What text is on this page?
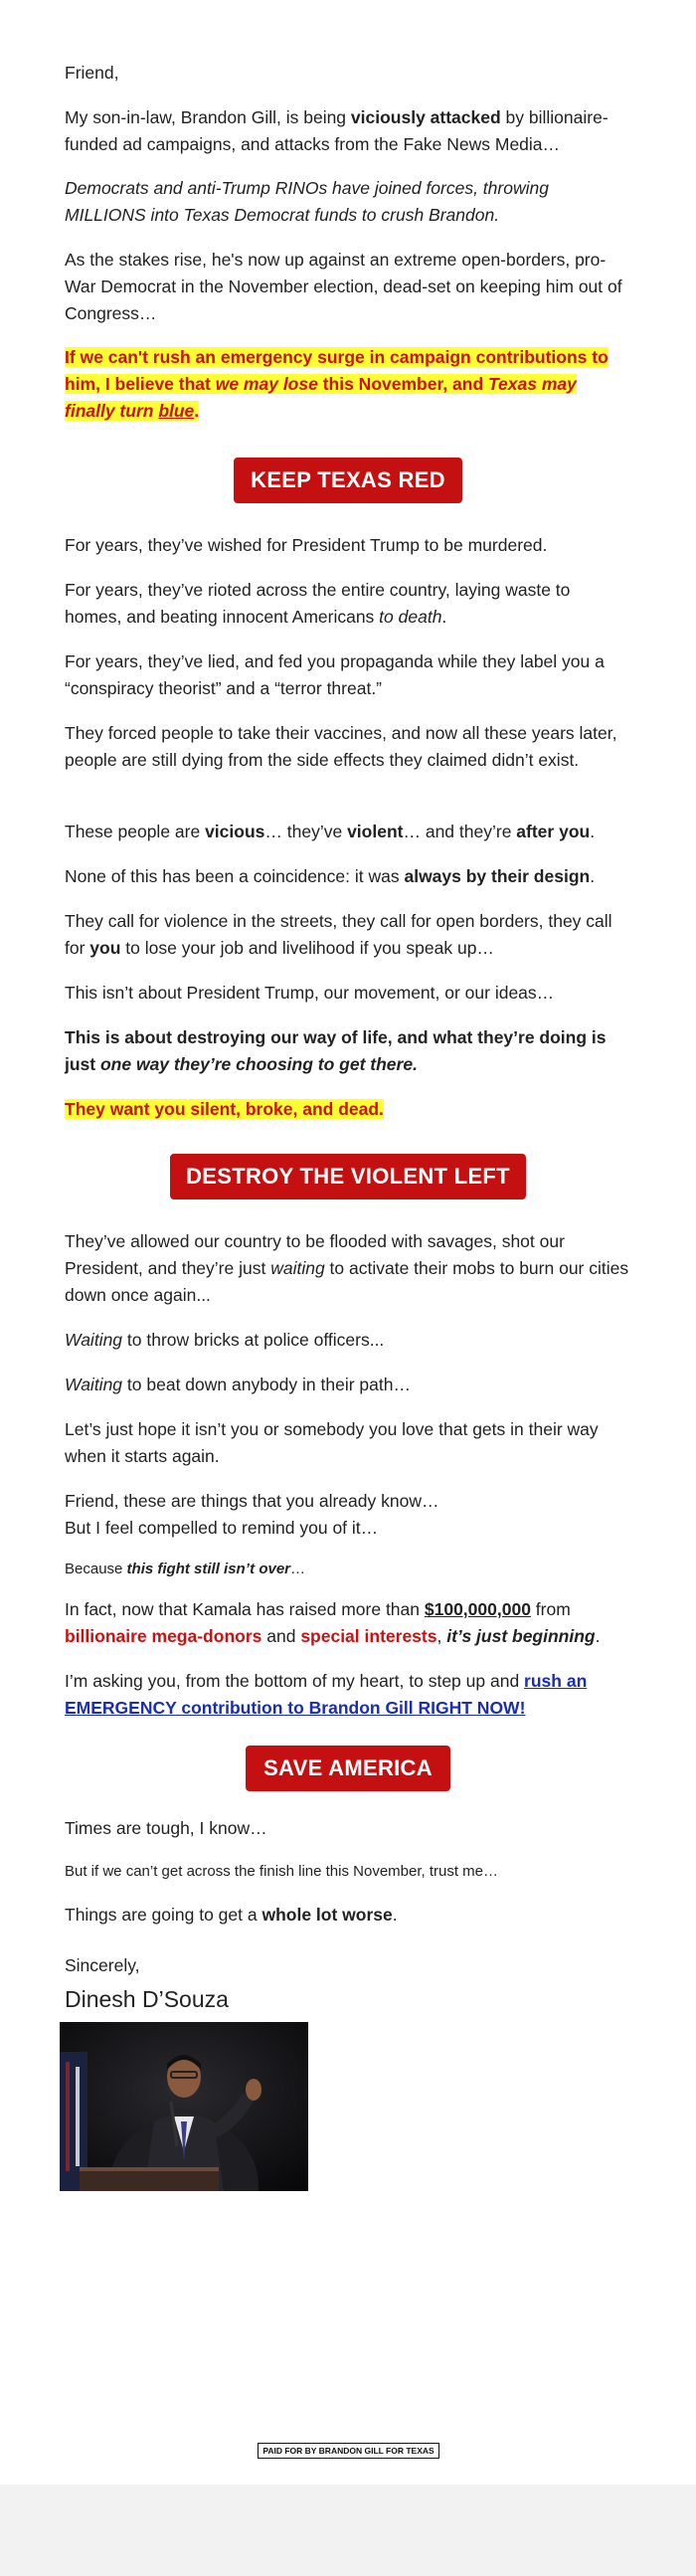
Friend,

My son-in-law, Brandon Gill, is being viciously attacked by billionaire-funded ad campaigns, and attacks from the Fake News Media…

Democrats and anti-Trump RINOs have joined forces, throwing MILLIONS into Texas Democrat funds to crush Brandon.

As the stakes rise, he's now up against an extreme open-borders, pro-War Democrat in the November election, dead-set on keeping him out of Congress…

If we can't rush an emergency surge in campaign contributions to him, I believe that we may lose this November, and Texas may finally turn blue.

KEEP TEXAS RED

For years, they’ve wished for President Trump to be murdered.

For years, they’ve rioted across the entire country, laying waste to homes, and beating innocent Americans to death.

For years, they’ve lied, and fed you propaganda while they label you a “conspiracy theorist” and a “terror threat.”

They forced people to take their vaccines, and now all these years later, people are still dying from the side effects they claimed didn’t exist.

These people are vicious… they’ve violent… and they’re after you.

None of this has been a coincidence: it was always by their design.

They call for violence in the streets, they call for open borders, they call for you to lose your job and livelihood if you speak up…

This isn’t about President Trump, our movement, or our ideas…

This is about destroying our way of life, and what they’re doing is just one way they’re choosing to get there.

They want you silent, broke, and dead.

DESTROY THE VIOLENT LEFT

They’ve allowed our country to be flooded with savages, shot our President, and they’re just waiting to activate their mobs to burn our cities down once again...

Waiting to throw bricks at police officers...

Waiting to beat down anybody in their path…

Let’s just hope it isn’t you or somebody you love that gets in their way when it starts again.

Friend, these are things that you already know…
But I feel compelled to remind you of it…

Because this fight still isn’t over…

In fact, now that Kamala has raised more than $100,000,000 from billionaire mega-donors and special interests, it’s just beginning.

I’m asking you, from the bottom of my heart, to step up and rush an EMERGENCY contribution to Brandon Gill RIGHT NOW!

SAVE AMERICA

Times are tough, I know…

But if we can’t get across the finish line this November, trust me…

Things are going to get a whole lot worse.

Sincerely,

Dinesh D’Souza

PAID FOR BY BRANDON GILL FOR TEXAS
